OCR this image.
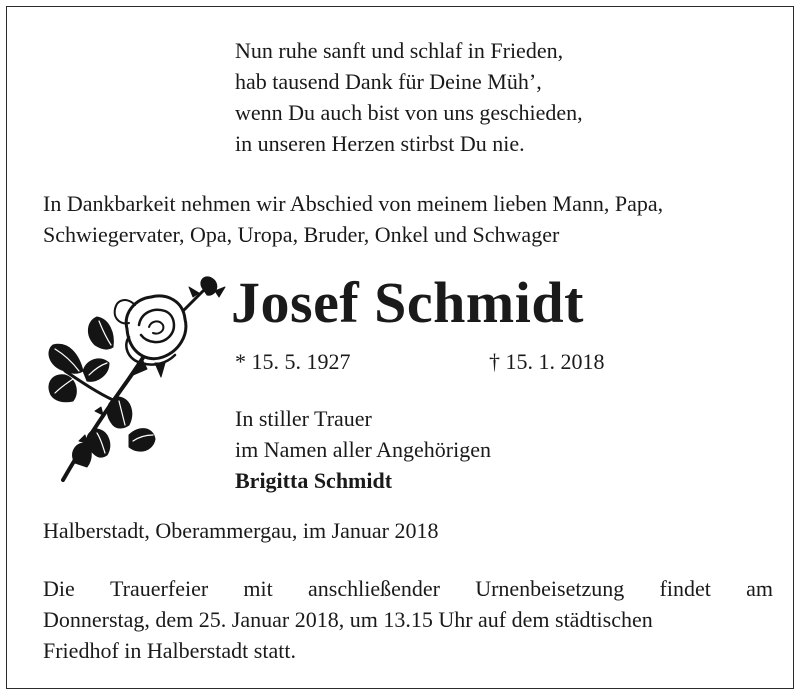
Nun ruhe sanft und schlaf in Frieden,
hab tausend Dank für Deine Müh’,
wenn Du auch bist von uns geschieden,
in unseren Herzen stirbst Du nie.
In Dankbarkeit nehmen wir Abschied von meinem lieben Mann, Papa,
Schwiegervater, Opa, Uropa, Bruder, Onkel und Schwager
Josef Schmidt
* 15. 5. 1927	† 15. 1. 2018
In stiller Trauer
im Namen aller Angehörigen
Brigitta Schmidt
Halberstadt, Oberammergau, im Januar 2018
Die Trauerfeier mit anschließender Urnenbeisetzung findet am
Donnerstag, dem 25. Januar 2018, um 13.15 Uhr auf dem städtischen
Friedhof in Halberstadt statt.
